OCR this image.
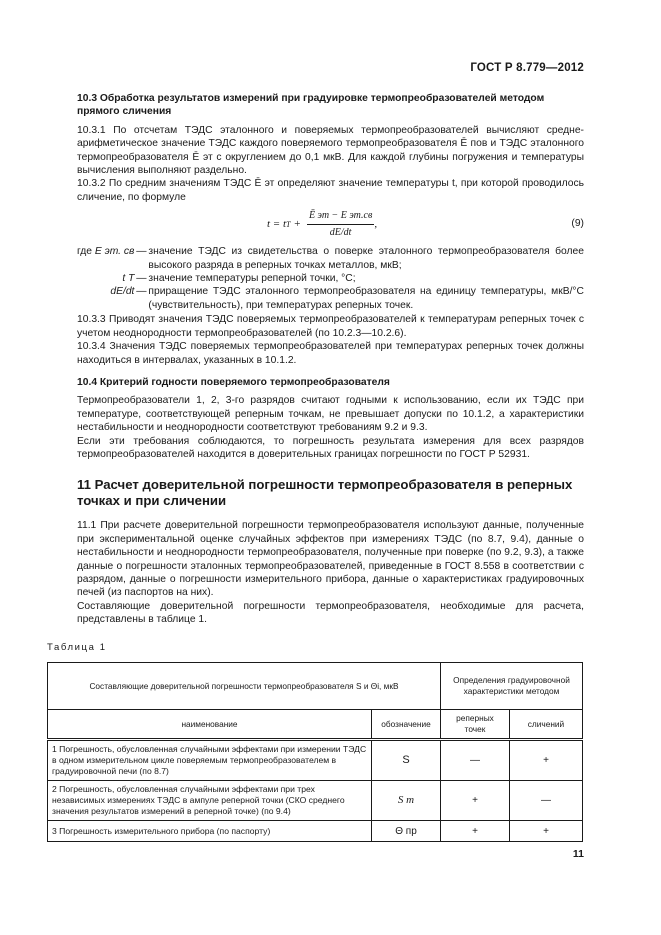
ГОСТ Р 8.779—2012
10.3 Обработка результатов измерений при градуировке термопреобразователей методом прямого сличения

10.3.1 По отсчетам ТЭДС эталонного и поверяемых термопреобразователей вычисляют средне-арифметическое значение ТЭДС каждого поверяемого термопреобразователя Ē пов и ТЭДС эталонного термопреобразователя Ē эт с округлением до 0,1 мкВ. Для каждой глубины погружения и температуры вычисления выполняют раздельно.

10.3.2 По средним значениям ТЭДС Ē эт определяют значение температуры t, при которой проводилось сличение, по формуле

t = t $Т + \frac{\text{Ē эт − E эт.св}}{dE/dt}$ ,	(9)
где E эт. св	—	значение ТЭДС из свидетельства о поверке эталонного термопреобразователя более высокого разряда в реперных точках металлов, мкВ;
t Т	—	значение температуры реперной точки, °С;
dE/dt	—	приращение ТЭДС эталонного термопреобразователя на единицу температуры, мкВ/°С (чувствительность), при температурах реперных точек.

10.3.3 Приводят значения ТЭДС поверяемых термопреобразователей к температурам реперных точек с учетом неоднородности термопреобразователей (по 10.2.3—10.2.6).

10.3.4 Значения ТЭДС поверяемых термопреобразователей при температурах реперных точек должны находиться в интервалах, указанных в 10.1.2.

10.4 Критерий годности поверяемого термопреобразователя

Термопреобразователи 1, 2, 3-го разрядов считают годными к использованию, если их ТЭДС при температуре, соответствующей реперным точкам, не превышает допуски по 10.1.2, а характеристики нестабильности и неоднородности соответствуют требованиям 9.2 и 9.3.

Если эти требования соблюдаются, то погрешность результата измерения для всех разрядов термопреобразователей находится в доверительных границах погрешности по ГОСТ Р 52931.

11 Расчет доверительной погрешности термопреобразователя в реперных точках и при сличении

11.1 При расчете доверительной погрешности термопреобразователя используют данные, полученные при экспериментальной оценке случайных эффектов при измерениях ТЭДС (по 8.7, 9.4), данные о нестабильности и неоднородности термопреобразователя, полученные при поверке (по 9.2, 9.3), а также данные о погрешности эталонных термопреобразователей, приведенные в ГОСТ 8.558 в соответствии с разрядом, данные о погрешности измерительного прибора, данные о характеристиках градуировочных печей (из паспортов на них).

Составляющие доверительной погрешности термопреобразователя, необходимые для расчета, представлены в таблице 1.

Таблица 1
Составляющие доверительной погрешности термопреобразователя S и Θi, мкВ		Определения градуировочной характеристики методом	
наименование	обозначение	реперных точек	сличений
1 Погрешность, обусловленная случайными эффектами при измерении ТЭДС в одном измерительном цикле поверяемым термопреобразователем в градуировочной печи (по 8.7)	S	—	+
2 Погрешность, обусловленная случайными эффектами при трех независимых измерениях ТЭДС в ампуле реперной точки (СКО среднего значения результатов измерений в реперной точке) (по 9.4)	S т	+	—
3 Погрешность измерительного прибора (по паспорту)	Θ пр	+	+
11
